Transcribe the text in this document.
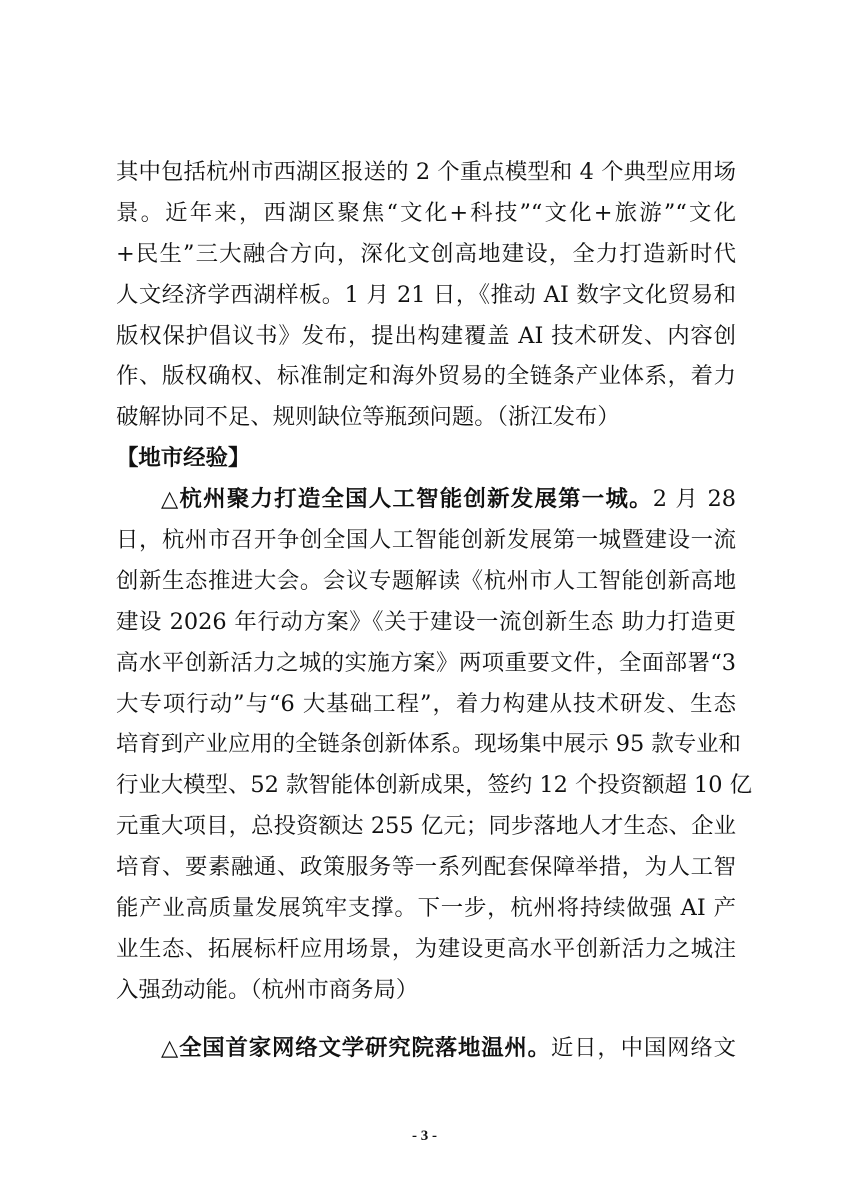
其中包括杭州市西湖区报送的 2 个重点模型和 4 个典型应用场
景。近年来，西湖区聚焦“文化+科技”“文化+旅游”“文化
+民生”三大融合方向，深化文创高地建设，全力打造新时代
人文经济学西湖样板。1 月 21 日，《推动 AI 数字文化贸易和
版权保护倡议书》发布，提出构建覆盖 AI 技术研发、内容创
作、版权确权、标准制定和海外贸易的全链条产业体系，着力
破解协同不足、规则缺位等瓶颈问题。（浙江发布）
【地市经验】
△杭州聚力打造全国人工智能创新发展第一城。2 月 28
日，杭州市召开争创全国人工智能创新发展第一城暨建设一流
创新生态推进大会。会议专题解读《杭州市人工智能创新高地
建设 2026 年行动方案》《关于建设一流创新生态 助力打造更
高水平创新活力之城的实施方案》两项重要文件，全面部署“3
大专项行动”与“6 大基础工程”，着力构建从技术研发、生态
培育到产业应用的全链条创新体系。现场集中展示 95 款专业和
行业大模型、52 款智能体创新成果，签约 12 个投资额超 10 亿
元重大项目，总投资额达 255 亿元；同步落地人才生态、企业
培育、要素融通、政策服务等一系列配套保障举措，为人工智
能产业高质量发展筑牢支撑。下一步，杭州将持续做强 AI 产
业生态、拓展标杆应用场景，为建设更高水平创新活力之城注
入强劲动能。（杭州市商务局）
△全国首家网络文学研究院落地温州。近日，中国网络文
- 3 -
